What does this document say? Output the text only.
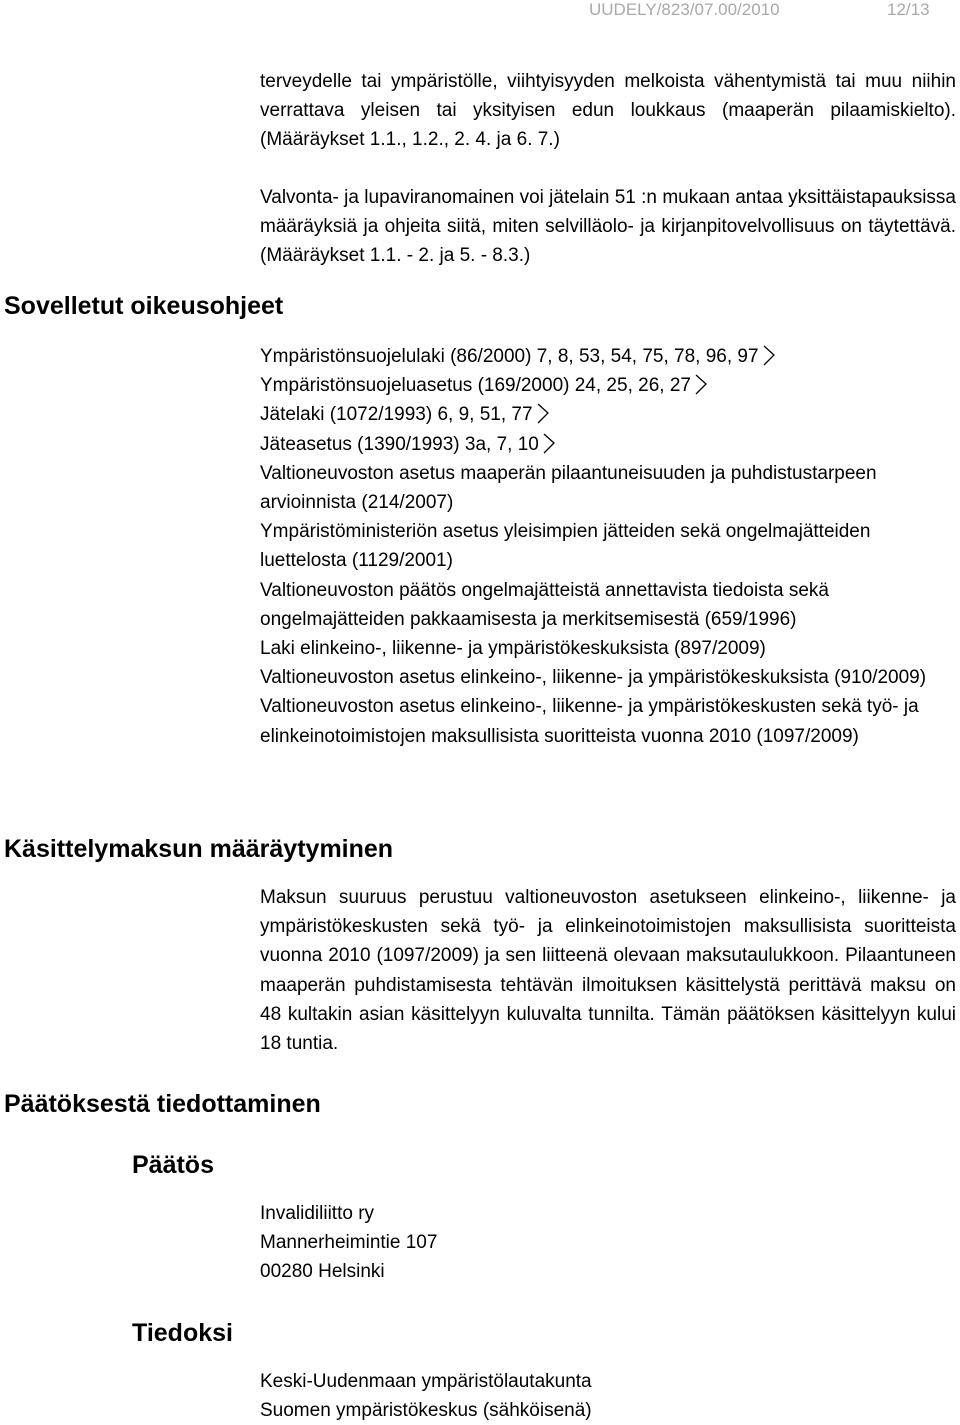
UUDELY/823/07.00/2010	12/13

terveydelle tai ympäristölle, viihtyisyyden melkoista vähentymistä tai muu niihin verrattava yleisen tai yksityisen edun loukkaus (maaperän pilaamiskielto). (Määräykset 1.1., 1.2., 2. 4. ja 6. 7.)

Valvonta- ja lupaviranomainen voi jätelain 51 :n mukaan antaa yksittäistapauksissa määräyksiä ja ohjeita siitä, miten selvilläolo- ja kirjanpitovelvollisuus on täytettävä. (Määräykset 1.1. - 2. ja 5. - 8.3.)

Sovelletut oikeusohjeet
Ympäristönsuojelulaki (86/2000) 7, 8, 53, 54, 75, 78, 96, 97
Ympäristönsuojeluasetus (169/2000) 24, 25, 26, 27
Jätelaki (1072/1993) 6, 9, 51, 77
Jäteasetus (1390/1993) 3a, 7, 10
Valtioneuvoston asetus maaperän pilaantuneisuuden ja puhdistustarpeen arvioinnista (214/2007)
Ympäristöministeriön asetus yleisimpien jätteiden sekä ongelmajätteiden luettelosta (1129/2001)
Valtioneuvoston päätös ongelmajätteistä annettavista tiedoista sekä ongelmajätteiden pakkaamisesta ja merkitsemisestä (659/1996)
Laki elinkeino-, liikenne- ja ympäristökeskuksista (897/2009)
Valtioneuvoston asetus elinkeino-, liikenne- ja ympäristökeskuksista (910/2009)
Valtioneuvoston asetus elinkeino-, liikenne- ja ympäristökeskusten sekä työ- ja elinkeinotoimistojen maksullisista suoritteista vuonna 2010 (1097/2009)
Käsittelymaksun määräytyminen

Maksun suuruus perustuu valtioneuvoston asetukseen elinkeino-, liikenne- ja ympäristökeskusten sekä työ- ja elinkeinotoimistojen maksullisista suoritteista vuonna 2010 (1097/2009) ja sen liitteenä olevaan maksutaulukkoon. Pilaantuneen maaperän puhdistamisesta tehtävän ilmoituksen käsittelystä perittävä maksu on 48 kultakin asian käsittelyyn kuluvalta tunnilta. Tämän päätöksen käsittelyyn kului 18 tuntia.

Päätöksestä tiedottaminen
Päätös
Invalidiliitto ry
Mannerheimintie 107
00280 Helsinki
Tiedoksi
Keski-Uudenmaan ympäristölautakunta
Suomen ympäristökeskus (sähköisenä)
